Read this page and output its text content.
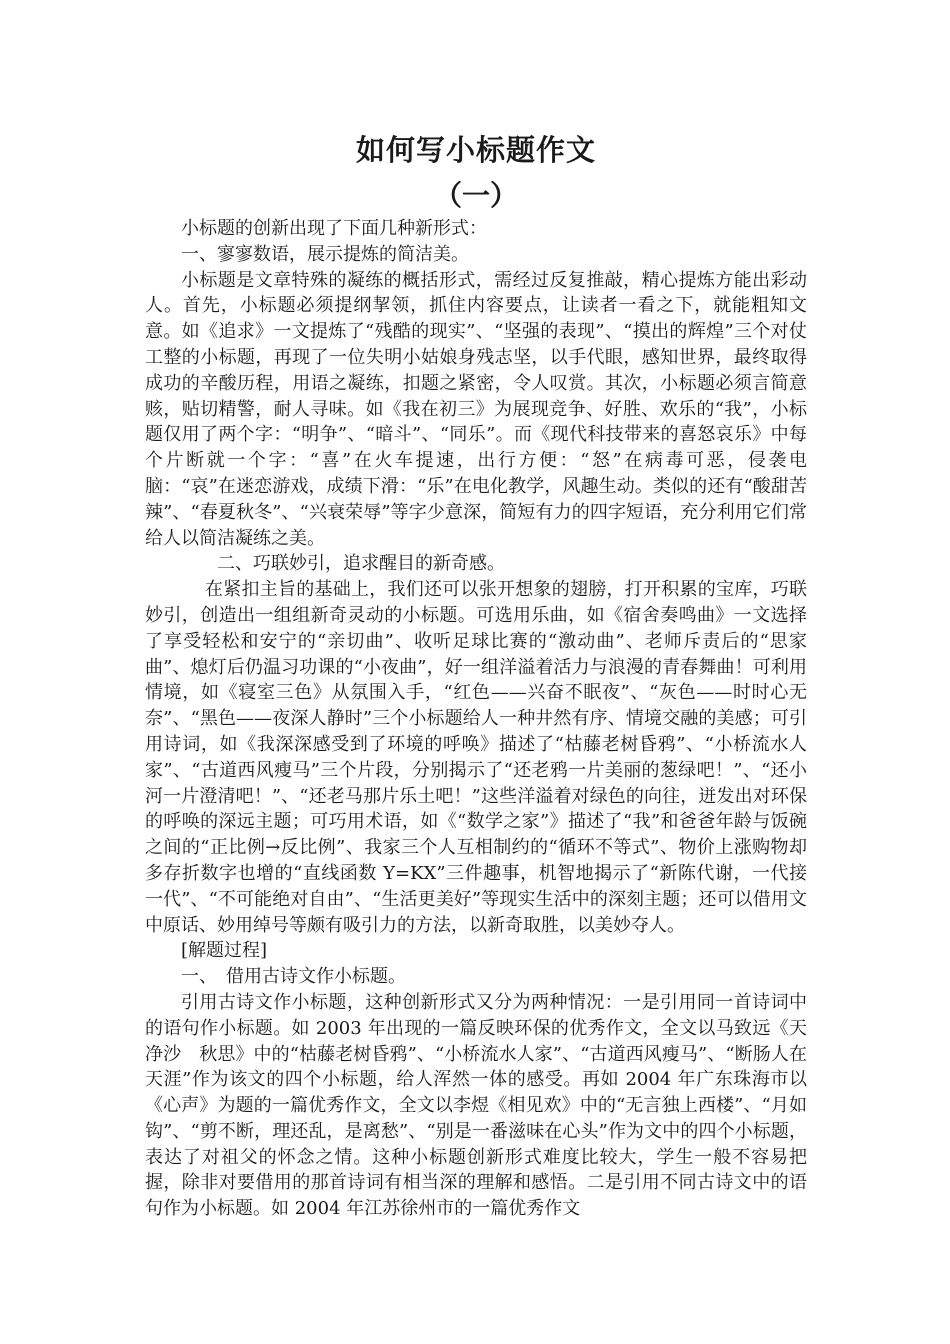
如何写小标题作文
（一）

小标题的创新出现了下面几种新形式：

一、寥寥数语，展示提炼的简洁美。

小标题是文章特殊的凝练的概括形式，需经过反复推敲，精心提炼方能出彩动人。首先，小标题必须提纲挈领，抓住内容要点，让读者一看之下，就能粗知文意。如《追求》一文提炼了“残酷的现实”、“坚强的表现”、“摸出的辉煌”三个对仗工整的小标题，再现了一位失明小姑娘身残志坚，以手代眼，感知世界，最终取得成功的辛酸历程，用语之凝练，扣题之紧密，令人叹赏。其次，小标题必须言简意赅，贴切精警，耐人寻味。如《我在初三》为展现竞争、好胜、欢乐的“我”，小标题仅用了两个字：“明争”、“暗斗”、“同乐”。而《现代科技带来的喜怒哀乐》中每个片断就一个字：“喜”在火车提速，出行方便：“怒”在病毒可恶，侵袭电脑：“哀”在迷恋游戏，成绩下滑：“乐”在电化教学，风趣生动。类似的还有“酸甜苦辣”、“春夏秋冬”、“兴衰荣辱”等字少意深，简短有力的四字短语，充分利用它们常给人以简洁凝练之美。

二、巧联妙引，追求醒目的新奇感。

在紧扣主旨的基础上，我们还可以张开想象的翅膀，打开积累的宝库，巧联妙引，创造出一组组新奇灵动的小标题。可选用乐曲，如《宿舍奏鸣曲》一文选择了享受轻松和安宁的“亲切曲”、收听足球比赛的“激动曲”、老师斥责后的“思家曲”、熄灯后仍温习功课的“小夜曲”，好一组洋溢着活力与浪漫的青春舞曲！可利用情境，如《寝室三色》从氛围入手，“红色——兴奋不眠夜”、“灰色——时时心无奈”、“黑色——夜深人静时”三个小标题给人一种井然有序、情境交融的美感；可引用诗词，如《我深深感受到了环境的呼唤》描述了“枯藤老树昏鸦”、“小桥流水人家”、“古道西风瘦马”三个片段，分别揭示了“还老鸦一片美丽的葱绿吧！”、“还小河一片澄清吧！”、“还老马那片乐土吧！”这些洋溢着对绿色的向往，迸发出对环保的呼唤的深远主题；可巧用术语，如《“数学之家”》描述了“我”和爸爸年龄与饭碗之间的“正比例→反比例”、我家三个人互相制约的“循环不等式”、物价上涨购物却多存折数字也增的“直线函数 Y=KX”三件趣事，机智地揭示了“新陈代谢，一代接一代”、“不可能绝对自由”、“生活更美好”等现实生活中的深刻主题；还可以借用文中原话、妙用绰号等颇有吸引力的方法，以新奇取胜，以美妙夺人。

[解题过程]

一、　借用古诗文作小标题。

引用古诗文作小标题，这种创新形式又分为两种情况：一是引用同一首诗词中的语句作小标题。如 2003 年出现的一篇反映环保的优秀作文，全文以马致远《天净沙　秋思》中的“枯藤老树昏鸦”、“小桥流水人家”、“古道西风瘦马”、“断肠人在天涯”作为该文的四个小标题，给人浑然一体的感受。再如 2004 年广东珠海市以《心声》为题的一篇优秀作文，全文以李煜《相见欢》中的“无言独上西楼”、“月如钩”、“剪不断，理还乱，是离愁”、“别是一番滋味在心头”作为文中的四个小标题，表达了对祖父的怀念之情。这种小标题创新形式难度比较大，学生一般不容易把握，除非对要借用的那首诗词有相当深的理解和感悟。二是引用不同古诗文中的语句作为小标题。如 2004 年江苏徐州市的一篇优秀作文
